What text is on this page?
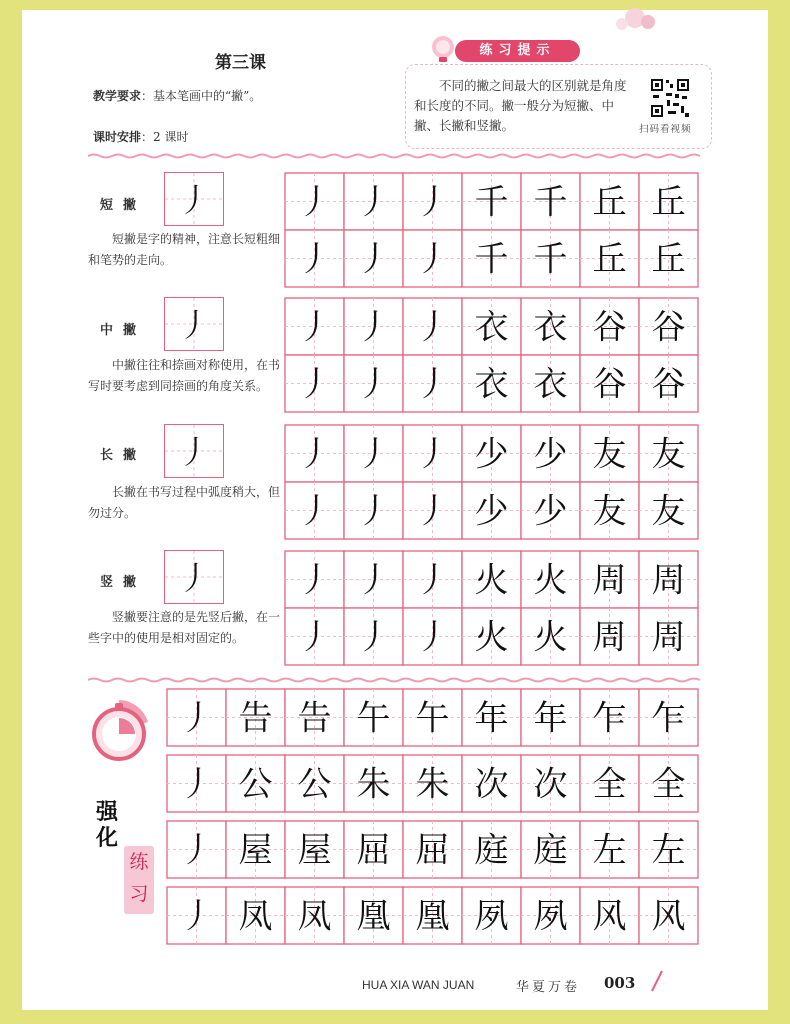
第三课
教学要求：基本笔画中的“撇”。
课时安排：2 课时
练习提示
不同的撇之间最大的区别就是角度和长度的不同。撇一般分为短撇、中撇、长撇和竖撇。	扫码看视频
短撇 丿
短撇是字的精神，注意长短粗细和笔势的走向。
丿 丿 丿 千 千 丘 丘
丿 丿 丿 千 千 丘 丘
中撇 丿
中撇往往和捺画对称使用，在书写时要考虑到同捺画的角度关系。
丿 丿 丿 衣 衣 谷 谷
丿 丿 丿 衣 衣 谷 谷
长撇 丿
长撇在书写过程中弧度稍大，但勿过分。
丿 丿 丿 少 少 友 友
丿 丿 丿 少 少 友 友
竖撇 丿
竖撇要注意的是先竖后撇，在一些字中的使用是相对固定的。
丿 丿 丿 火 火 周 周
丿 丿 丿 火 火 周 周
强化
练习
丿 告 告 午 午 年 年 乍 乍
丿 公 公 朱 朱 次 次 全 全
丿 屋 屋 屈 屈 庭 庭 左 左
丿 凤 凤 凰 凰 夙 夙 风 风
HUA XIA WAN JUAN	华夏万卷 003
